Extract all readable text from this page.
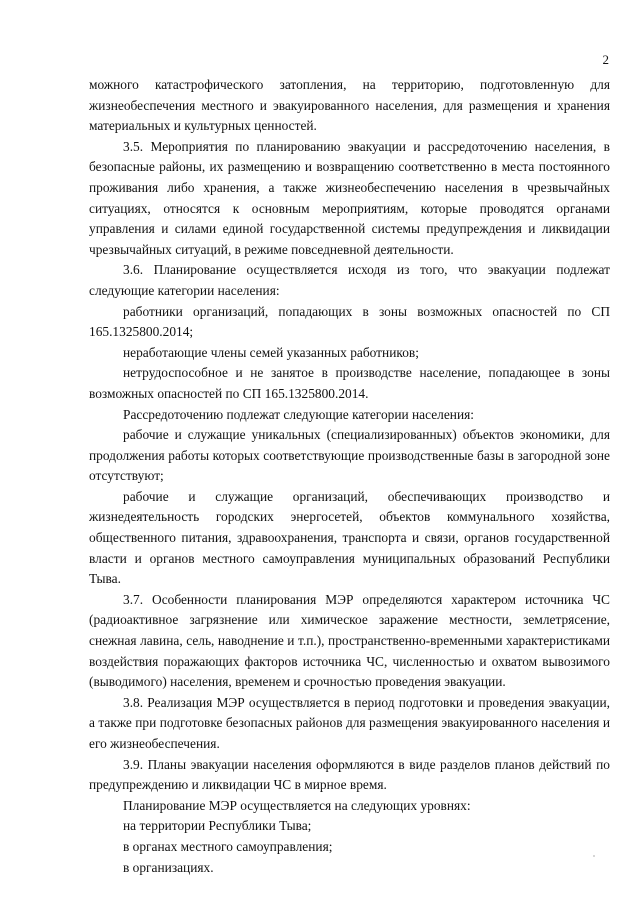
2

можного катастрофического затопления, на территорию, подготовленную для жизнеобеспечения местного и эвакуированного населения, для размещения и хранения материальных и культурных ценностей.

3.5. Мероприятия по планированию эвакуации и рассредоточению населения, в безопасные районы, их размещению и возвращению соответственно в места постоянного проживания либо хранения, а также жизнеобеспечению населения в чрезвычайных ситуациях, относятся к основным мероприятиям, которые проводятся органами управления и силами единой государственной системы предупреждения и ликвидации чрезвычайных ситуаций, в режиме повседневной деятельности.

3.6. Планирование осуществляется исходя из того, что эвакуации подлежат следующие категории населения:

работники организаций, попадающих в зоны возможных опасностей по СП 165.1325800.2014;

неработающие члены семей указанных работников;

нетрудоспособное и не занятое в производстве население, попадающее в зоны возможных опасностей по СП 165.1325800.2014.

Рассредоточению подлежат следующие категории населения:

рабочие и служащие уникальных (специализированных) объектов экономики, для продолжения работы которых соответствующие производственные базы в загородной зоне отсутствуют;

рабочие и служащие организаций, обеспечивающих производство и жизнедеятельность городских энергосетей, объектов коммунального хозяйства, общественного питания, здравоохранения, транспорта и связи, органов государственной власти и органов местного самоуправления муниципальных образований Республики Тыва.

3.7. Особенности планирования МЭР определяются характером источника ЧС (радиоактивное загрязнение или химическое заражение местности, землетрясение, снежная лавина, сель, наводнение и т.п.), пространственно-временными характеристиками воздействия поражающих факторов источника ЧС, численностью и охватом вывозимого (выводимого) населения, временем и срочностью проведения эвакуации.

3.8. Реализация МЭР осуществляется в период подготовки и проведения эвакуации, а также при подготовке безопасных районов для размещения эвакуированного населения и его жизнеобеспечения.

3.9. Планы эвакуации населения оформляются в виде разделов планов действий по предупреждению и ликвидации ЧС в мирное время.

Планирование МЭР осуществляется на следующих уровнях:

на территории Республики Тыва;

в органах местного самоуправления;

в организациях.
